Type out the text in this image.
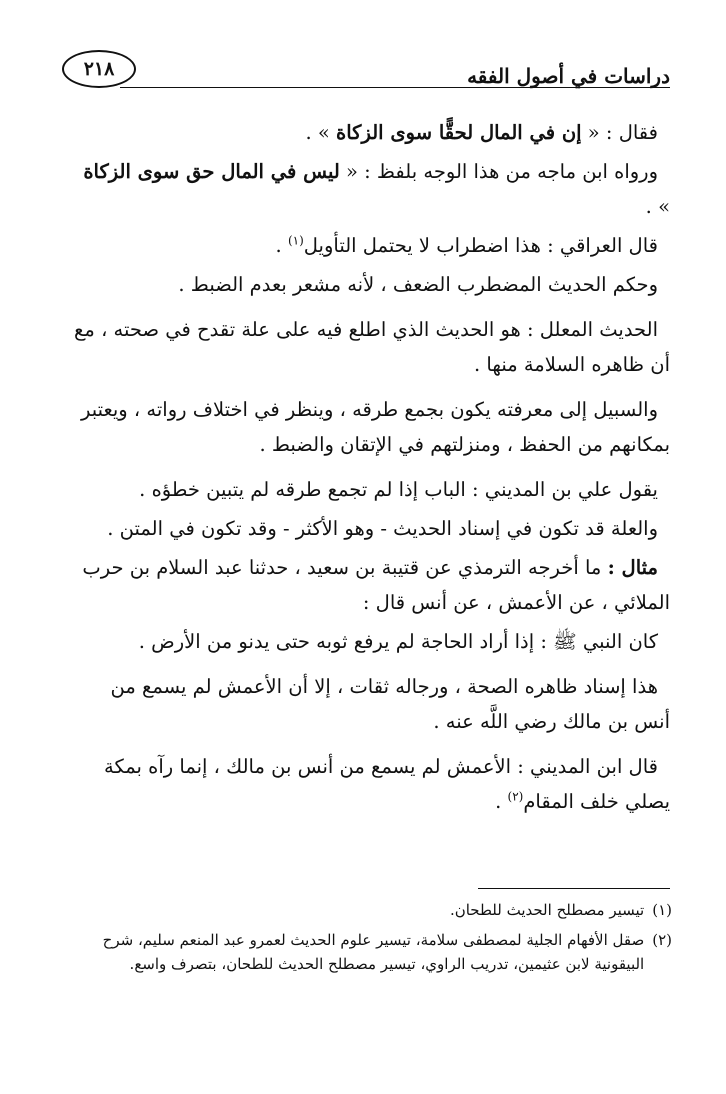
٢١٨	دراسات في أصول الفقه

فقال : « إن في المال لحقًّا سوى الزكاة » .

ورواه ابن ماجه من هذا الوجه بلفظ : « ليس في المال حق سوى الزكاة » .

قال العراقي : هذا اضطراب لا يحتمل التأويل$^{(١)}$ .

وحكم الحديث المضطرب الضعف ، لأنه مشعر بعدم الضبط .

الحديث المعلل : هو الحديث الذي اطلع فيه على علة تقدح في صحته ، مع أن ظاهره السلامة منها .

والسبيل إلى معرفته يكون بجمع طرقه ، وينظر في اختلاف رواته ، ويعتبر بمكانهم من الحفظ ، ومنزلتهم في الإتقان والضبط .

يقول علي بن المديني : الباب إذا لم تجمع طرقه لم يتبين خطؤه .

والعلة قد تكون في إسناد الحديث - وهو الأكثر - وقد تكون في المتن .

مثال : ما أخرجه الترمذي عن قتيبة بن سعيد ، حدثنا عبد السلام بن حرب الملائي ، عن الأعمش ، عن أنس قال :

كان النبي ﷺ : إذا أراد الحاجة لم يرفع ثوبه حتى يدنو من الأرض .

هذا إسناد ظاهره الصحة ، ورجاله ثقات ، إلا أن الأعمش لم يسمع من أنس بن مالك رضي اللَّه عنه .

قال ابن المديني : الأعمش لم يسمع من أنس بن مالك ، إنما رآه بمكة يصلي خلف المقام$^{(٢)}$ .

(١)
تيسير مصطلح الحديث للطحان.
(٢)
صقل الأفهام الجلية لمصطفى سلامة، تيسير علوم الحديث لعمرو عبد المنعم سليم، شرح البيقونية لابن عثيمين، تدريب الراوي، تيسير مصطلح الحديث للطحان، بتصرف واسع.
